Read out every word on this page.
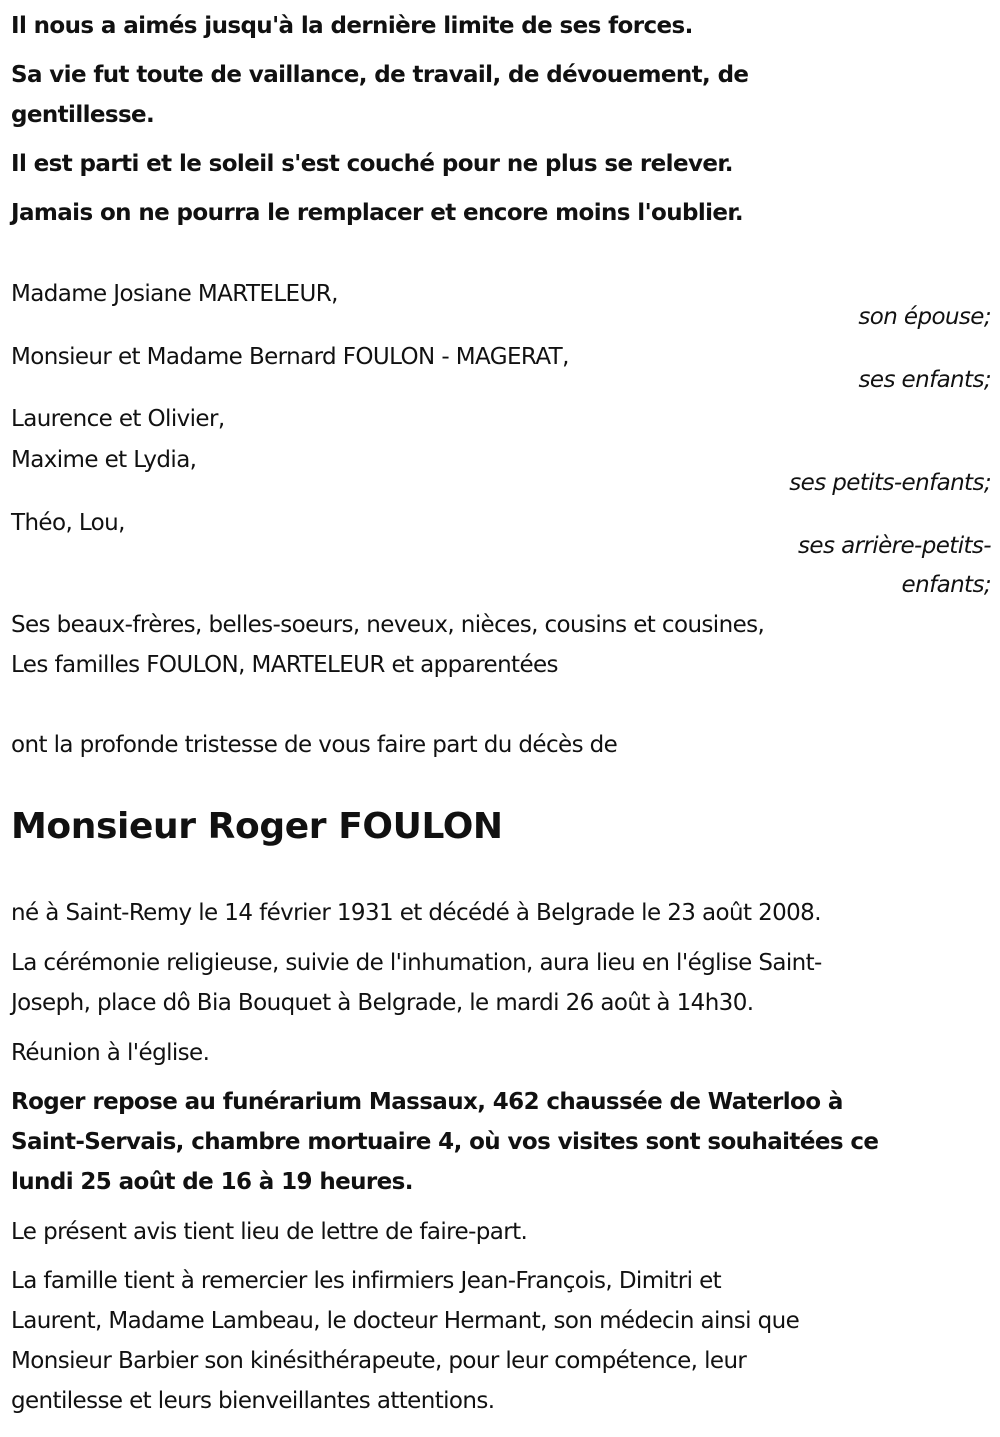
Il nous a aimés jusqu'à la dernière limite de ses forces.

Sa vie fut toute de vaillance, de travail, de dévouement, de

gentillesse.

Il est parti et le soleil s'est couché pour ne plus se relever.

Jamais on ne pourra le remplacer et encore moins l'oublier.

Madame Josiane MARTELEUR,

son épouse;

Monsieur et Madame Bernard FOULON - MAGERAT,

ses enfants;

Laurence et Olivier,

Maxime et Lydia,

ses petits-enfants;

Théo, Lou,

ses arrière-petits-

enfants;

Ses beaux-frères, belles-soeurs, neveux, nièces, cousins et cousines,

Les familles FOULON, MARTELEUR et apparentées

ont la profonde tristesse de vous faire part du décès de

Monsieur Roger FOULON

né à Saint-Remy le 14 février 1931 et décédé à Belgrade le 23 août 2008.

La cérémonie religieuse, suivie de l'inhumation, aura lieu en l'église Saint-

Joseph, place dô Bia Bouquet à Belgrade, le mardi 26 août à 14h30.

Réunion à l'église.

Roger repose au funérarium Massaux, 462 chaussée de Waterloo à

Saint-Servais, chambre mortuaire 4, où vos visites sont souhaitées ce

lundi 25 août de 16 à 19 heures.

Le présent avis tient lieu de lettre de faire-part.

La famille tient à remercier les infirmiers Jean-François, Dimitri et

Laurent, Madame Lambeau, le docteur Hermant, son médecin ainsi que

Monsieur Barbier son kinésithérapeute, pour leur compétence, leur

gentilesse et leurs bienveillantes attentions.
